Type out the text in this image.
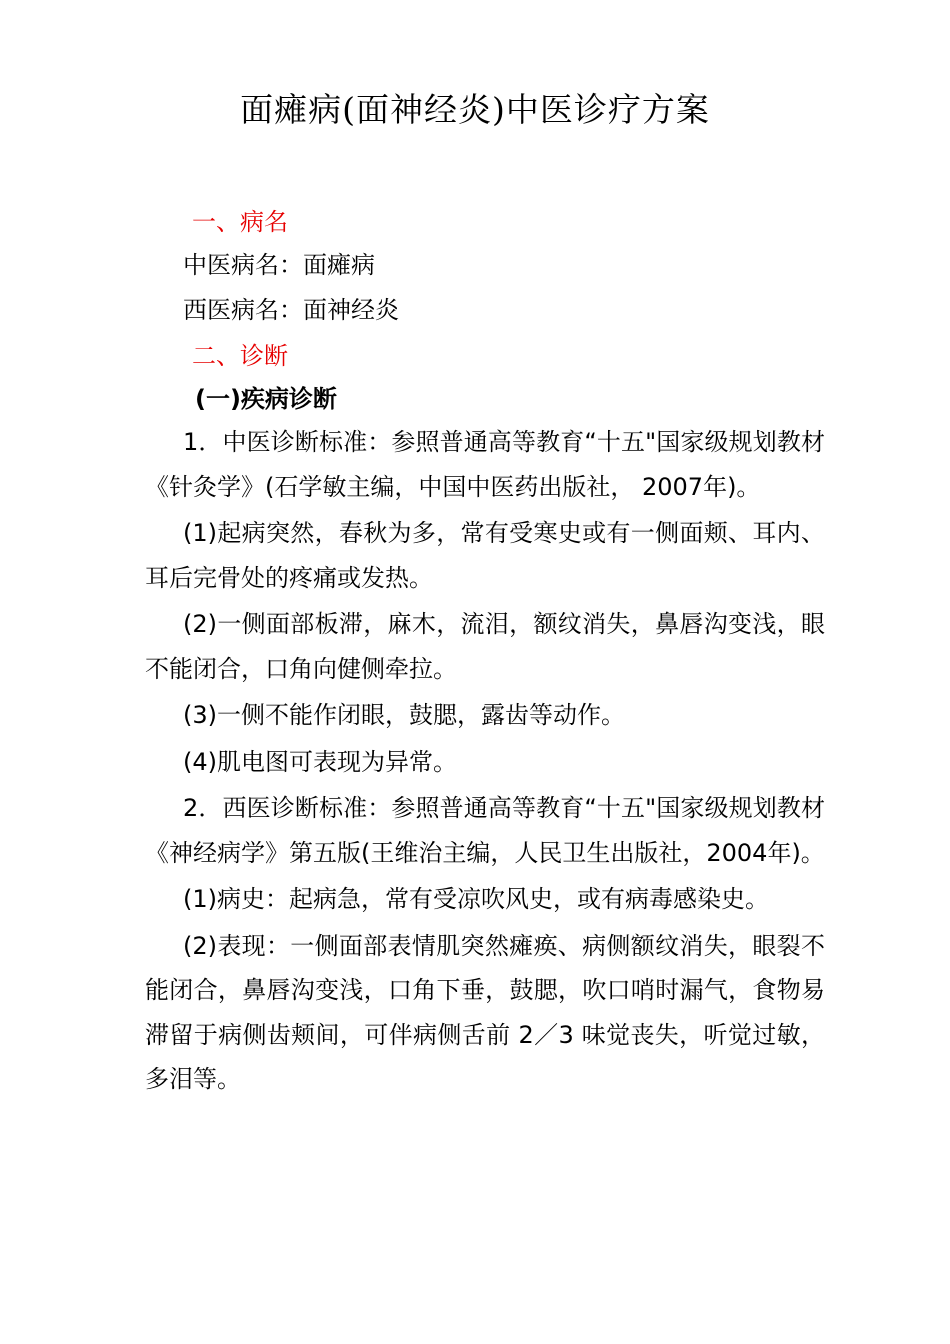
面瘫病(面神经炎)中医诊疗方案
一、病名
中医病名：面瘫病
西医病名：面神经炎
二、诊断
(一)疾病诊断

1．中医诊断标准：参照普通高等教育“十五"国家级规划教材《针灸学》(石学敏主编，中国中医药出版社， 2007年)。

(1)起病突然，春秋为多，常有受寒史或有一侧面颊、耳内、耳后完骨处的疼痛或发热。

(2)一侧面部板滞，麻木，流泪，额纹消失，鼻唇沟变浅，眼不能闭合，口角向健侧牵拉。

(3)一侧不能作闭眼，鼓腮，露齿等动作。

(4)肌电图可表现为异常。

2．西医诊断标准：参照普通高等教育“十五"国家级规划教材《神经病学》第五版(王维治主编，人民卫生出版社，2004年)。

(1)病史：起病急，常有受凉吹风史，或有病毒感染史。

(2)表现：一侧面部表情肌突然瘫痪、病侧额纹消失，眼裂不能闭合，鼻唇沟变浅，口角下垂，鼓腮，吹口哨时漏气，食物易滞留于病侧齿颊间，可伴病侧舌前 2／3 味觉丧失，听觉过敏，多泪等。
